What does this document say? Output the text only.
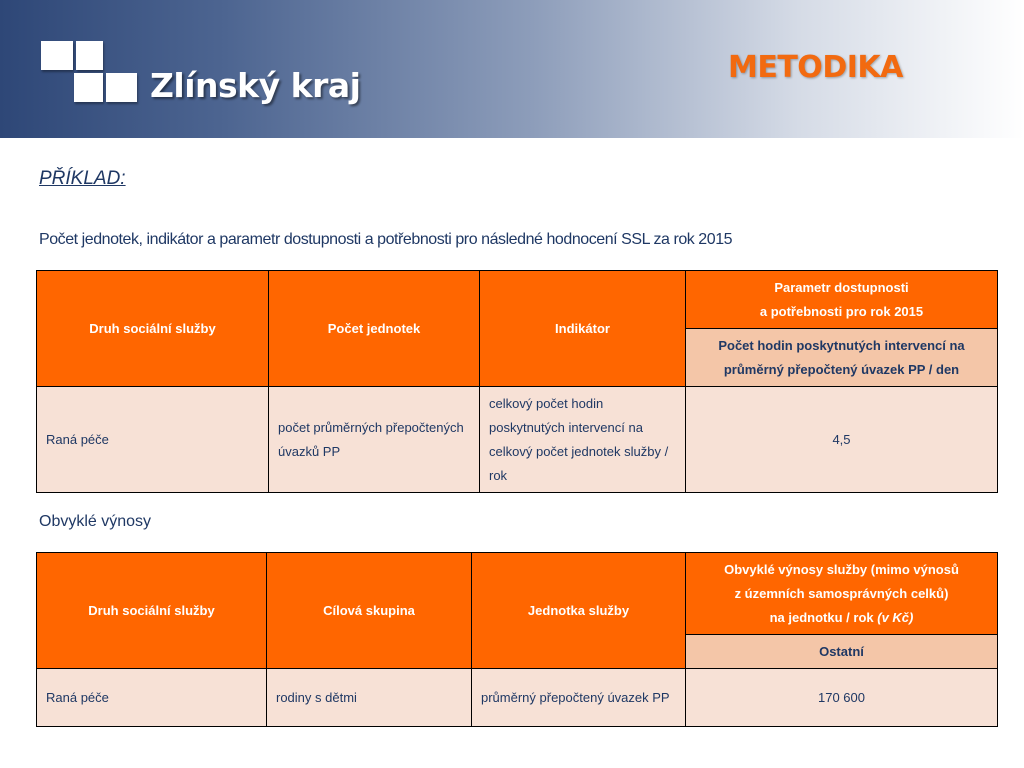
Zlínský kraj	METODIKA
PŘÍKLAD:
Počet jednotek, indikátor a parametr dostupnosti a potřebnosti pro následné hodnocení SSL za rok 2015
Druh sociální služby	Počet jednotek	Indikátor	Parametr dostupnosti
a potřebnosti pro rok 2015

			Počet hodin poskytnutých intervencí na průměrný přepočtený úvazek PP / den
Raná péče	počet průměrných přepočtených úvazků PP	celkový počet hodin poskytnutých intervencí na celkový počet jednotek služby / rok	4,5
Obvyklé výnosy
Druh sociální služby	Cílová skupina	Jednotka služby	Obvyklé výnosy služby (mimo výnosů
z územních samosprávných celků)
na jednotku / rok (v Kč)

			Ostatní
Raná péče	rodiny s dětmi	průměrný přepočtený úvazek PP	170 600
